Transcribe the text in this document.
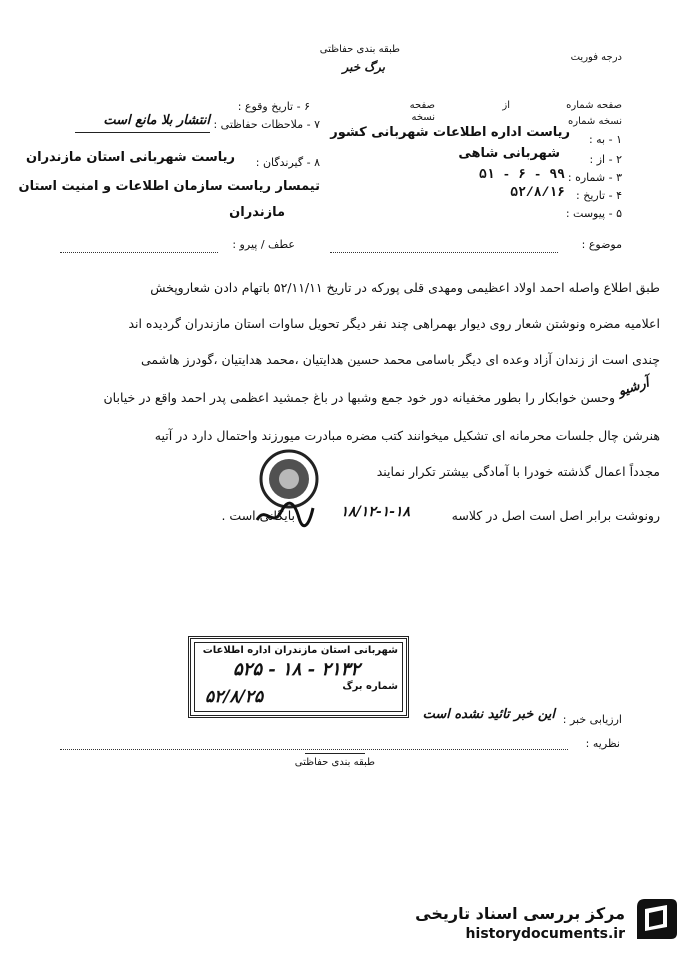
طبقه بندی حفاظتی
برگ خبر
درجه فوریت
۶ - تاریخ وقوع :
۷ - ملاحظات حفاظتی :
انتشار بلا مانع است
۸ - گیرندگان :
ریاست شهربانی استان مازندران
تیمسار ریاست سازمان اطلاعات و امنیت استان
مازندران
عطف / پیرو :
صفحه شماره
از
صفحه
نسخه شماره
نسخه
۱ - به :
ریاست اداره اطلاعات شهربانی کشور
۲ - از :
شهربانی شاهی
۳ - شماره :
۹۹ - ۶ - ۵۱
۴ - تاریخ :
۵۲/۸/۱۶
۵ - پیوست :
موضوع :
طبق اطلاع واصله احمد اولاد اعظیمی ومهدی قلی پورکه در تاریخ ۵۲/۱۱/۱۱ باتهام دادن شعاروپخش
اعلامیه مضره ونوشتن شعار روی دیوار بهمراهی چند نفر دیگر تحویل ساوات استان مازندران گردیده اند
چندی است از زندان آزاد وعده ای دیگر باسامی محمد حسین هدایتیان ،محمد هدایتیان ،گودرز هاشمی
وحسن خوابکار را بطور مخفیانه دور خود جمع وشبها در باغ جمشید اعظمی پدر احمد واقع در خیابان
هنرشن چال جلسات محرمانه ای تشکیل میخوانند کتب مضره مبادرت میورزند واحتمال دارد در آتیه
مجدداً اعمال گذشته خودرا با آمادگی بیشتر تکرار نمایند
رونوشت برابر اصل است اصل در کلاسه
۱۸/۱۲-۱-۱۸
بایگانی است .
آرشیو
شهربانی استان مازندران اداره اطلاعات
۵۲۵ - ۱۸ - ۲۱۳۲
شماره برگ
۵۲/۸/۲۵
ارزیابی خبر :
این خبر تائید نشده است
نظریه :
طبقه بندی حفاظتی
مرکز بررسی اسناد تاریخی
historydocuments.ir
